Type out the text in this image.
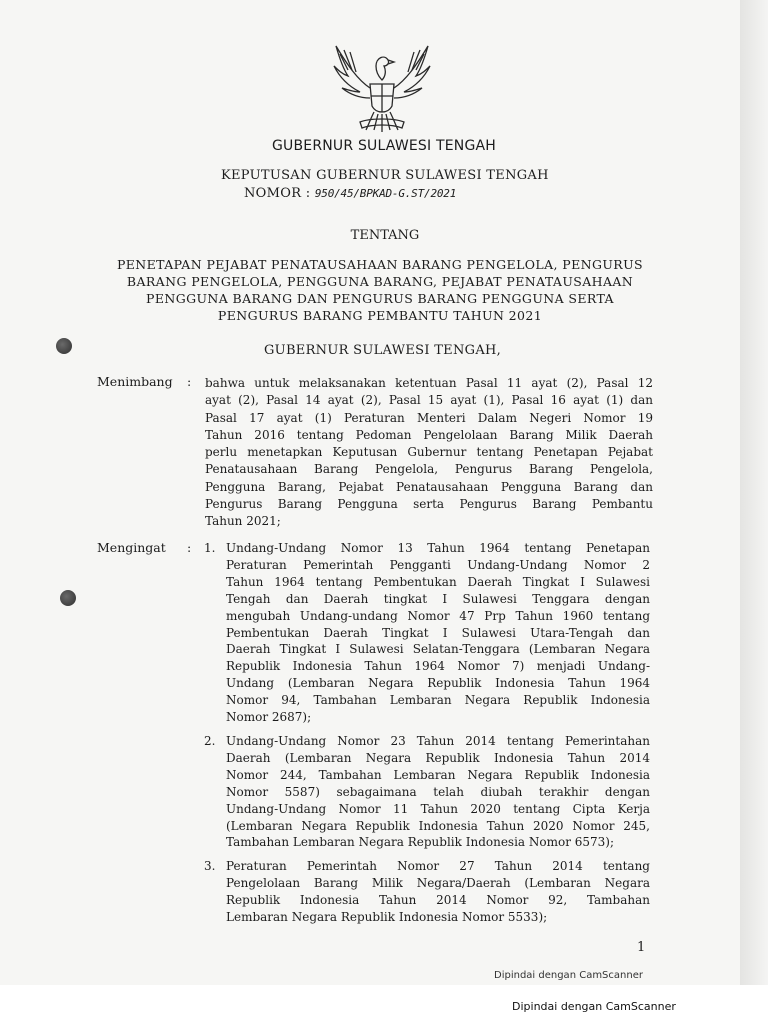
GUBERNUR SULAWESI TENGAH
KEPUTUSAN GUBERNUR SULAWESI TENGAH
NOMOR : 950/45/BPKAD-G.ST/2021
TENTANG
PENETAPAN PEJABAT PENATAUSAHAAN BARANG PENGELOLA, PENGURUS
BARANG PENGELOLA, PENGGUNA BARANG, PEJABAT PENATAUSAHAAN
PENGGUNA BARANG DAN PENGURUS BARANG PENGGUNA SERTA
PENGURUS BARANG PEMBANTU TAHUN 2021
GUBERNUR SULAWESI TENGAH,
Menimbang : bahwa untuk melaksanakan ketentuan Pasal 11 ayat (2), Pasal 12
ayat (2), Pasal 14 ayat (2), Pasal 15 ayat (1), Pasal 16 ayat (1) dan
Pasal 17 ayat (1) Peraturan Menteri Dalam Negeri Nomor 19
Tahun 2016 tentang Pedoman Pengelolaan Barang Milik Daerah
perlu menetapkan Keputusan Gubernur tentang Penetapan Pejabat
Penatausahaan Barang Pengelola, Pengurus Barang Pengelola,
Pengguna Barang, Pejabat Penatausahaan Pengguna Barang dan
Pengurus Barang Pengguna serta Pengurus Barang Pembantu
Tahun 2021;
Mengingat : 1. Undang-Undang Nomor 13 Tahun 1964 tentang Penetapan
Peraturan Pemerintah Pengganti Undang-Undang Nomor 2
Tahun 1964 tentang Pembentukan Daerah Tingkat I Sulawesi
Tengah dan Daerah tingkat I Sulawesi Tenggara dengan
mengubah Undang-undang Nomor 47 Prp Tahun 1960 tentang
Pembentukan Daerah Tingkat I Sulawesi Utara-Tengah dan
Daerah Tingkat I Sulawesi Selatan-Tenggara (Lembaran Negara
Republik Indonesia Tahun 1964 Nomor 7) menjadi Undang-
Undang (Lembaran Negara Republik Indonesia Tahun 1964
Nomor 94, Tambahan Lembaran Negara Republik Indonesia
Nomor 2687);
2. Undang-Undang Nomor 23 Tahun 2014 tentang Pemerintahan
Daerah (Lembaran Negara Republik Indonesia Tahun 2014
Nomor 244, Tambahan Lembaran Negara Republik Indonesia
Nomor 5587) sebagaimana telah diubah terakhir dengan
Undang-Undang Nomor 11 Tahun 2020 tentang Cipta Kerja
(Lembaran Negara Republik Indonesia Tahun 2020 Nomor 245,
Tambahan Lembaran Negara Republik Indonesia Nomor 6573);
3. Peraturan Pemerintah Nomor 27 Tahun 2014 tentang
Pengelolaan Barang Milik Negara/Daerah (Lembaran Negara
Republik Indonesia Tahun 2014 Nomor 92, Tambahan
Lembaran Negara Republik Indonesia Nomor 5533);
1
Dipindai dengan CamScanner
Dipindai dengan CamScanner
